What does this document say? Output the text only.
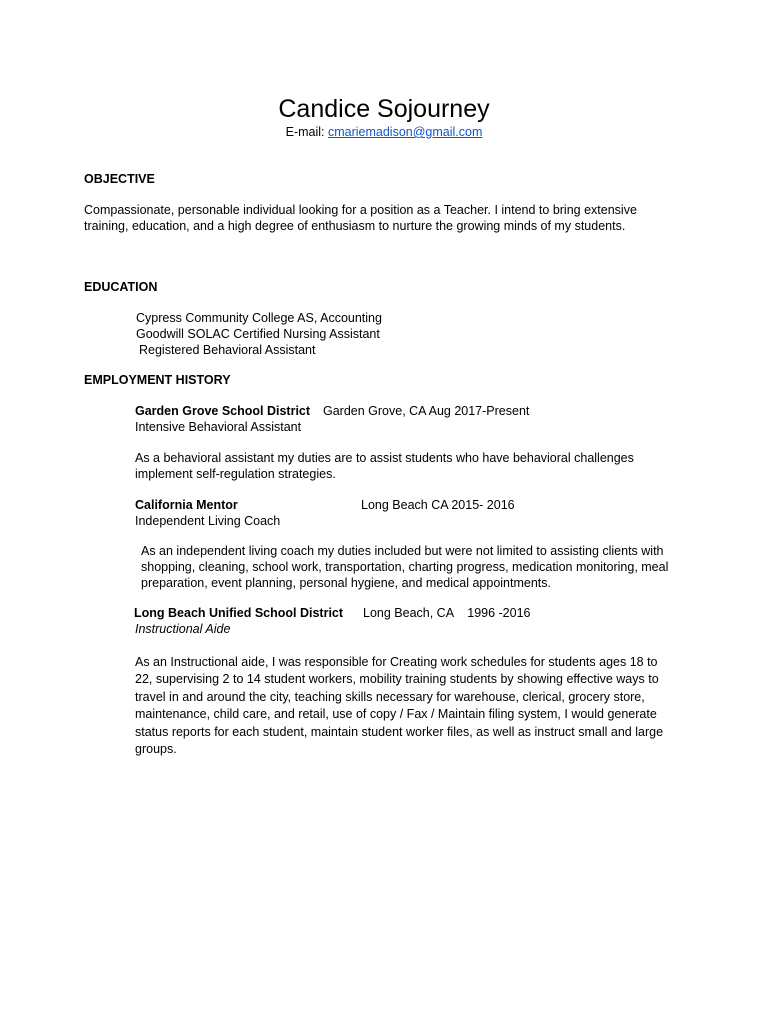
Candice Sojourney
E-mail: cmariemadison@gmail.com
OBJECTIVE

Compassionate, personable individual looking for a position as a Teacher. I intend to bring extensive training, education, and a high degree of enthusiasm to nurture the growing minds of my students.

EDUCATION
Cypress Community College AS, Accounting
Goodwill SOLAC Certified Nursing Assistant
Registered Behavioral Assistant
EMPLOYMENT HISTORY
Garden Grove School District Garden Grove, CA Aug 2017-Present
Intensive Behavioral Assistant

As a behavioral assistant my duties are to assist students who have behavioral challenges implement self-regulation strategies.

California Mentor	Long Beach CA 2015- 2016
Independent Living Coach

As an independent living coach my duties included but were not limited to assisting clients with shopping, cleaning, school work, transportation, charting progress, medication monitoring, meal preparation, event planning, personal hygiene, and medical appointments.

Long Beach Unified School District Long Beach, CA    1996 -2016
Instructional Aide

As an Instructional aide, I was responsible for Creating work schedules for students ages 18 to 22, supervising 2 to 14 student workers, mobility training students by showing effective ways to travel in and around the city, teaching skills necessary for warehouse, clerical, grocery store, maintenance, child care, and retail, use of copy / Fax / Maintain filing system, I would generate status reports for each student, maintain student worker files, as well as instruct small and large groups.
